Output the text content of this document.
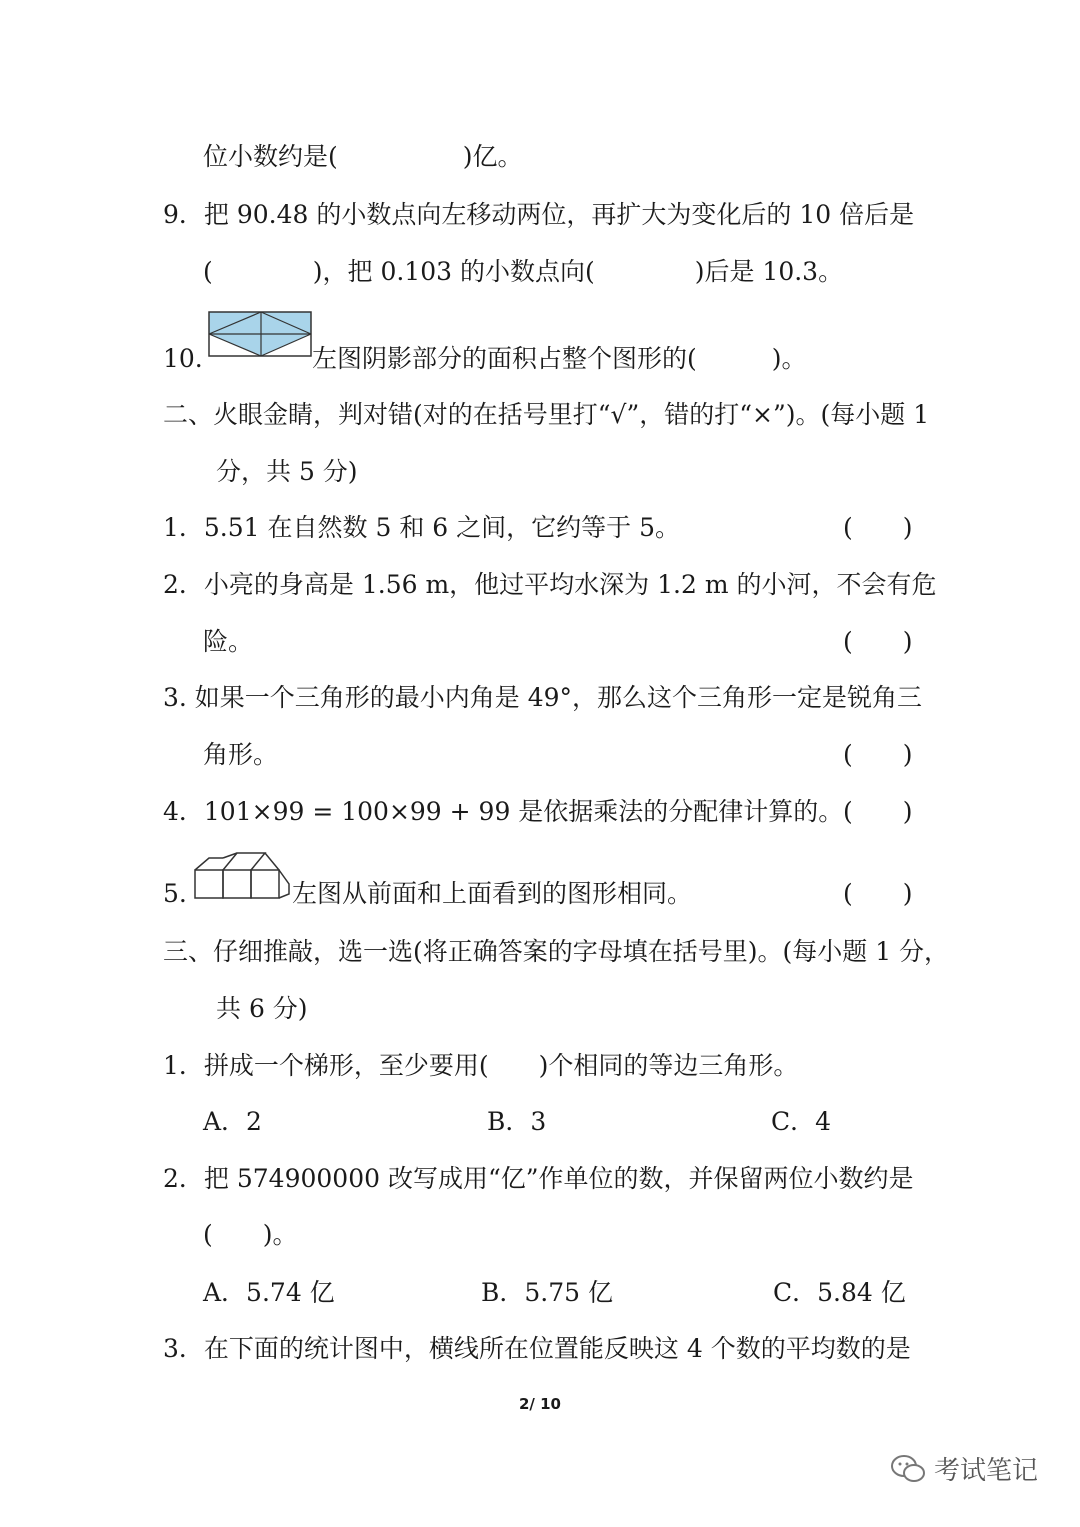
位小数约是(　　　　　)亿。
9．把 90.48 的小数点向左移动两位，再扩大为变化后的 10 倍后是
(　　　　)，把 0.103 的小数点向(　　　　)后是 10.3。
10.	左图阴影部分的面积占整个图形的(　　　)。
二、火眼金睛，判对错(对的在括号里打“√”，错的打“×”)。(每小题 1
分，共 5 分)
1．5.51 在自然数 5 和 6 之间，它约等于 5。	(　　)
2．小亮的身高是 1.56 m，他过平均水深为 1.2 m 的小河，不会有危
险。	(　　)
3. 如果一个三角形的最小内角是 49°，那么这个三角形一定是锐角三
角形。	(　　)
4．101×99 = 100×99 + 99 是依据乘法的分配律计算的。 (　　)
5.	左图从前面和上面看到的图形相同。	(　　)
三、仔细推敲，选一选(将正确答案的字母填在括号里)。(每小题 1 分，
共 6 分)
1．拼成一个梯形，至少要用(　　)个相同的等边三角形。
A．2	B．3	C．4
2．把 574900000 改写成用“亿”作单位的数，并保留两位小数约是
(　　)。
A．5.74 亿	B．5.75 亿	C．5.84 亿
3．在下面的统计图中，横线所在位置能反映这 4 个数的平均数的是
2/ 10
考试笔记
